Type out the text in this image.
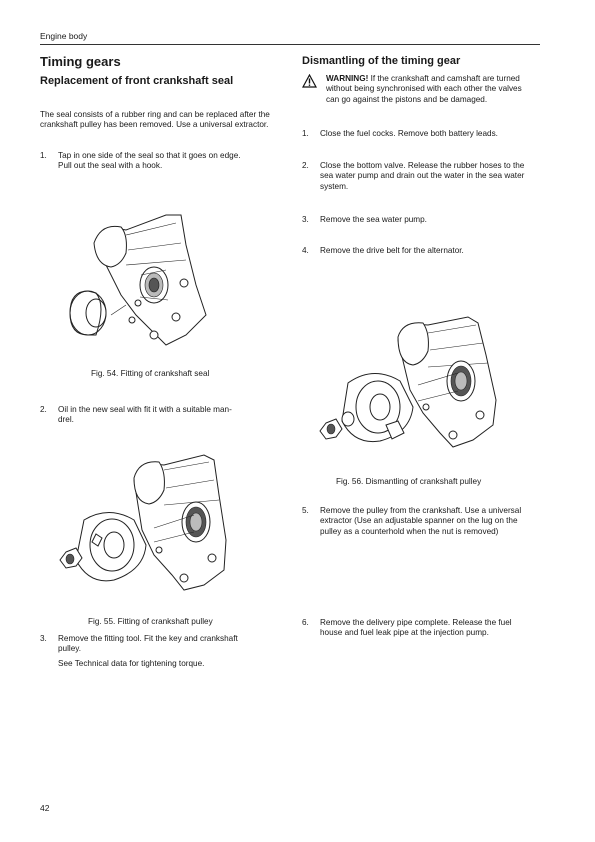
Engine body
Timing gears
Replacement of front crankshaft seal

The seal consists of a rubber ring and can be replaced after the crankshaft pulley has been removed. Use a universal extractor.

1.	Tap in one side of the seal so that it goes on edge.
Pull out the seal with a hook.
Fig. 54. Fitting of crankshaft seal
2.	Oil in the new seal with fit it with a suitable man-
drel.
Fig. 55. Fitting of crankshaft pulley
3.	Remove the fitting tool. Fit the key and crankshaft
pulley.
See Technical data for tightening torque.
Dismantling of the timing gear
WARNING! If the crankshaft and camshaft are turned without being synchronised with each other the valves can go against the pistons and be damaged.
1.	Close the fuel cocks. Remove both battery leads.
2.	Close the bottom valve. Release the rubber hoses to the sea water pump and drain out the water in the sea water system.
3.	Remove the sea water pump.
4.	Remove the drive belt for the alternator.
Fig. 56. Dismantling of crankshaft pulley
5.	Remove the pulley from the crankshaft. Use a universal extractor (Use an adjustable spanner on the lug on the pulley as a counterhold when the nut is removed)
6.	Remove the delivery pipe complete. Release the fuel house and fuel leak pipe at the injection pump.
42
